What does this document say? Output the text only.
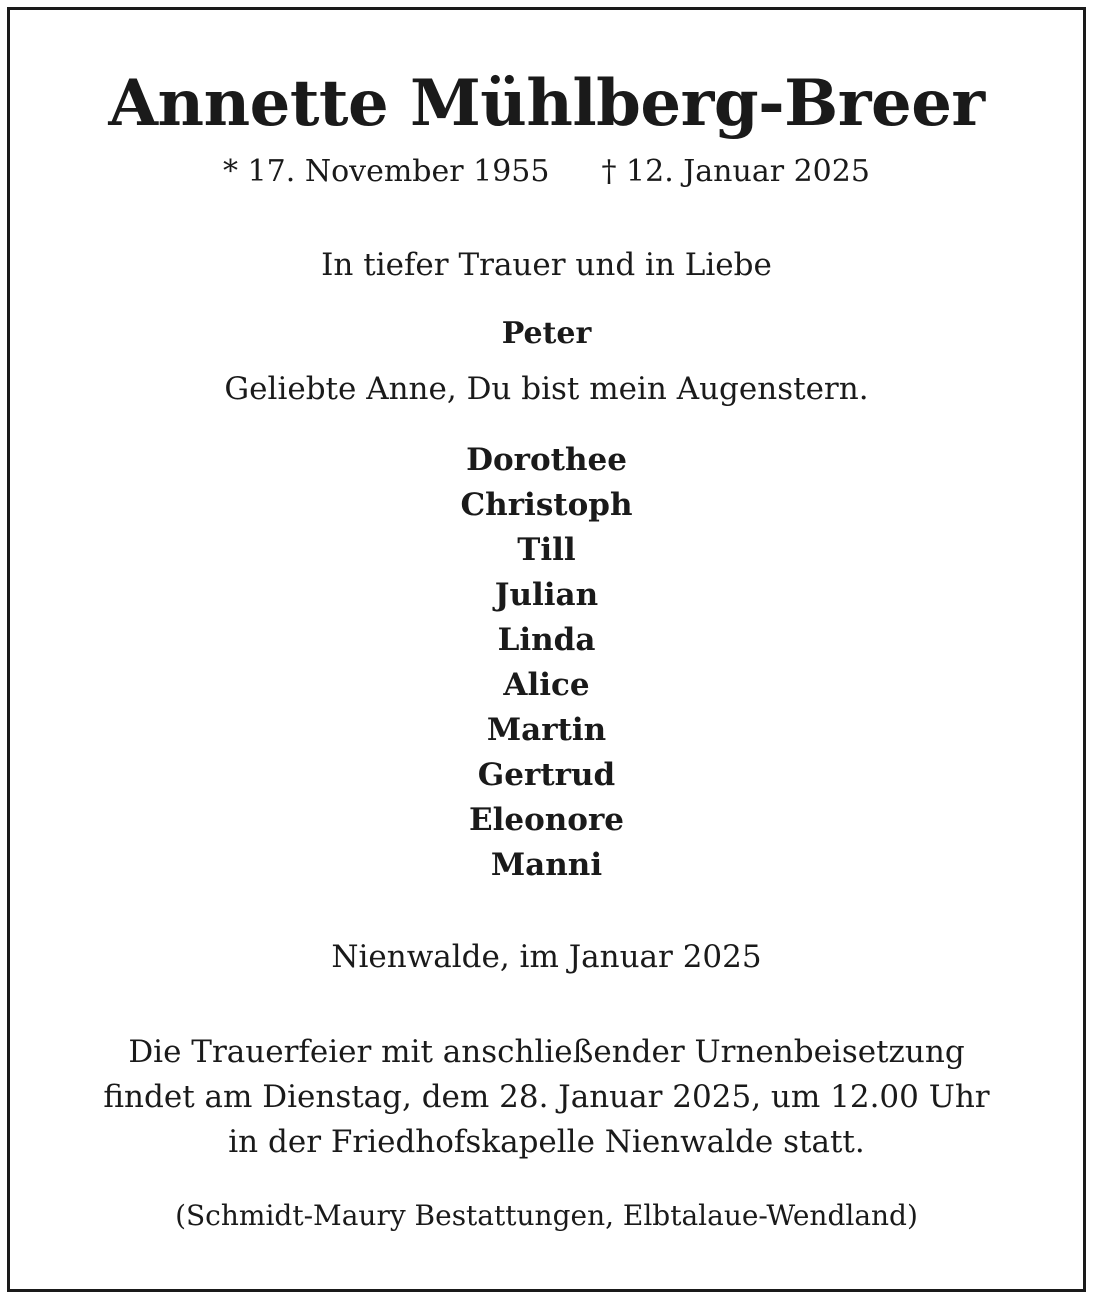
Annette Mühlberg-Breer
* 17. November 1955 † 12. Januar 2025
In tiefer Trauer und in Liebe
Peter
Geliebte Anne, Du bist mein Augenstern.
Dorothee
Christoph
Till
Julian
Linda
Alice
Martin
Gertrud
Eleonore
Manni
Nienwalde, im Januar 2025
Die Trauerfeier mit anschließender Urnenbeisetzung
findet am Dienstag, dem 28. Januar 2025, um 12.00 Uhr
in der Friedhofskapelle Nienwalde statt.
(Schmidt-Maury Bestattungen, Elbtalaue-Wendland)
